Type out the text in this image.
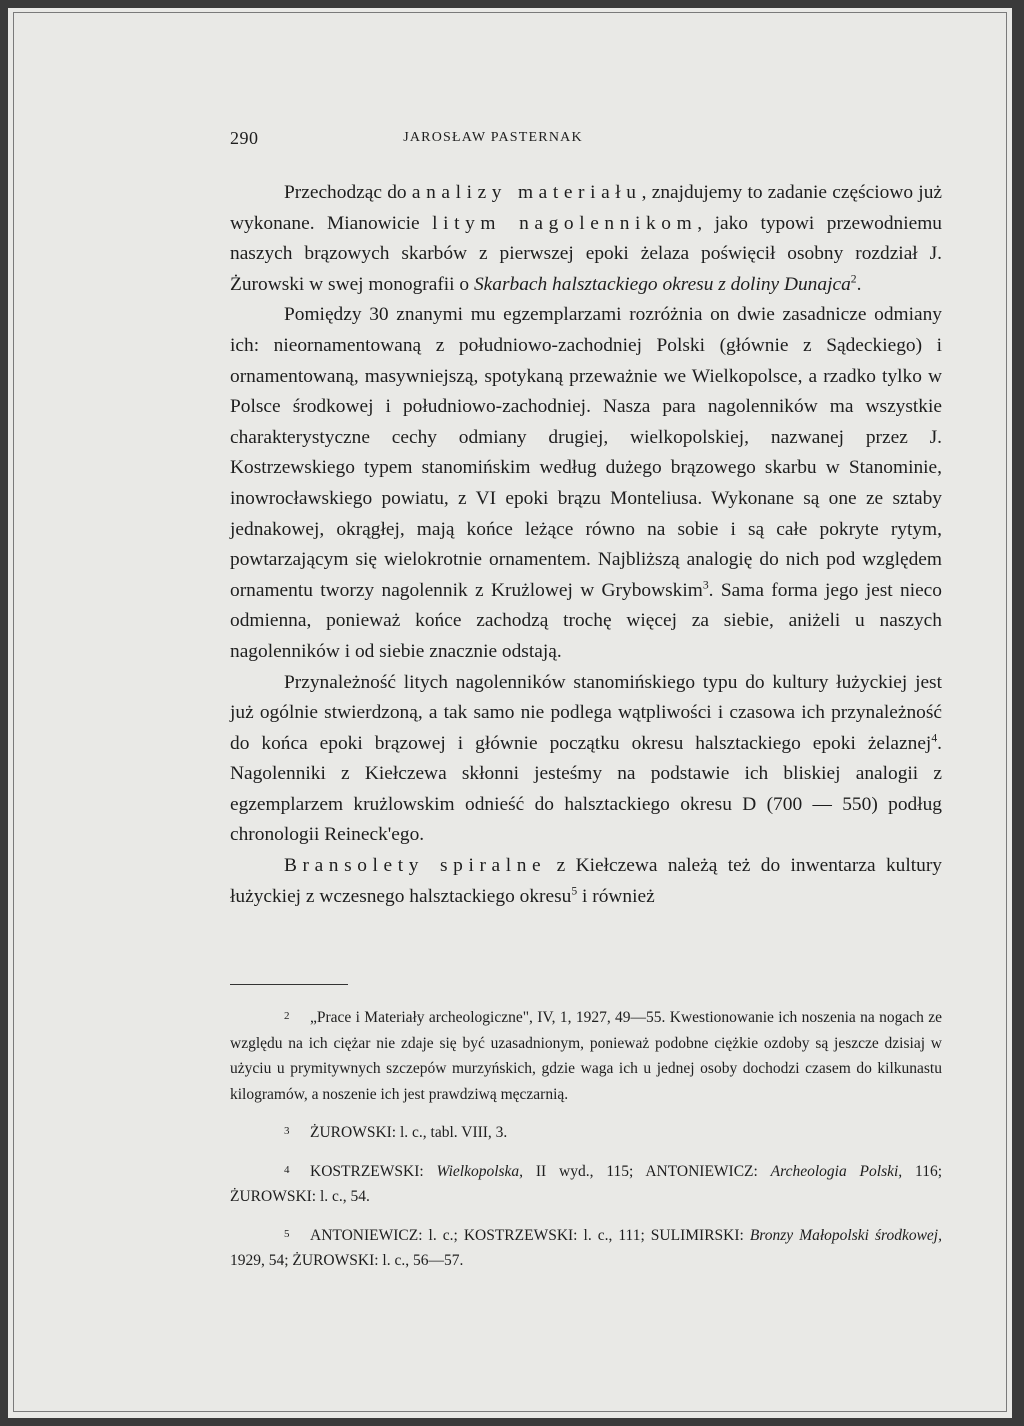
290	JAROSŁAW PASTERNAK

Przechodząc do analizy materiału, znajdujemy to zadanie częściowo już wykonane. Mianowicie litym nagolennikom, jako typowi przewodniemu naszych brązowych skarbów z pierwszej epoki żelaza poświęcił osobny rozdział J. Żurowski w swej monografii o Skarbach halsztackiego okresu z doliny Dunajca$^2$.

Pomiędzy 30 znanymi mu egzemplarzami rozróżnia on dwie zasadnicze odmiany ich: nieornamentowaną z południowo-zachodniej Polski (głównie z Sądeckiego) i ornamentowaną, masywniejszą, spotykaną przeważnie we Wielkopolsce, a rzadko tylko w Polsce środkowej i południowo-zachodniej. Nasza para nagolenników ma wszystkie charakterystyczne cechy odmiany drugiej, wielkopolskiej, nazwanej przez J. Kostrzewskiego typem stanomińskim według dużego brązowego skarbu w Stanominie, inowrocławskiego powiatu, z VI epoki brązu Monteliusa. Wykonane są one ze sztaby jednakowej, okrągłej, mają końce leżące równo na sobie i są całe pokryte rytym, powtarzającym się wielokrotnie ornamentem. Najbliższą analogię do nich pod względem ornamentu tworzy nagolennik z Krużlowej w Grybowskim$^3$. Sama forma jego jest nieco odmienna, ponieważ końce zachodzą trochę więcej za siebie, aniżeli u naszych nagolenników i od siebie znacznie odstają.

Przynależność litych nagolenników stanomińskiego typu do kultury łużyckiej jest już ogólnie stwierdzoną, a tak samo nie podlega wątpliwości i czasowa ich przynależność do końca epoki brązowej i głównie początku okresu halsztackiego epoki żelaznej$^4$. Nagolenniki z Kiełczewa skłonni jesteśmy na podstawie ich bliskiej analogii z egzemplarzem krużlowskim odnieść do halsztackiego okresu D (700 — 550) podług chronologii Reineck'ego.

Bransolety spiralne z Kiełczewa należą też do inwentarza kultury łużyckiej z wczesnego halsztackiego okresu$^5$ i również

2 „Prace i Materiały archeologiczne", IV, 1, 1927, 49—55. Kwestionowanie ich noszenia na nogach ze względu na ich ciężar nie zdaje się być uzasadnionym, ponieważ podobne ciężkie ozdoby są jeszcze dzisiaj w użyciu u prymitywnych szczepów murzyńskich, gdzie waga ich u jednej osoby dochodzi czasem do kilkunastu kilogramów, a noszenie ich jest prawdziwą męczarnią.

3 ŻUROWSKI: l. c., tabl. VIII, 3.

4 KOSTRZEWSKI: Wielkopolska, II wyd., 115; ANTONIEWICZ: Archeologia Polski, 116; ŻUROWSKI: l. c., 54.

5 ANTONIEWICZ: l. c.; KOSTRZEWSKI: l. c., 111; SULIMIRSKI: Bronzy Małopolski środkowej, 1929, 54; ŻUROWSKI: l. c., 56—57.
